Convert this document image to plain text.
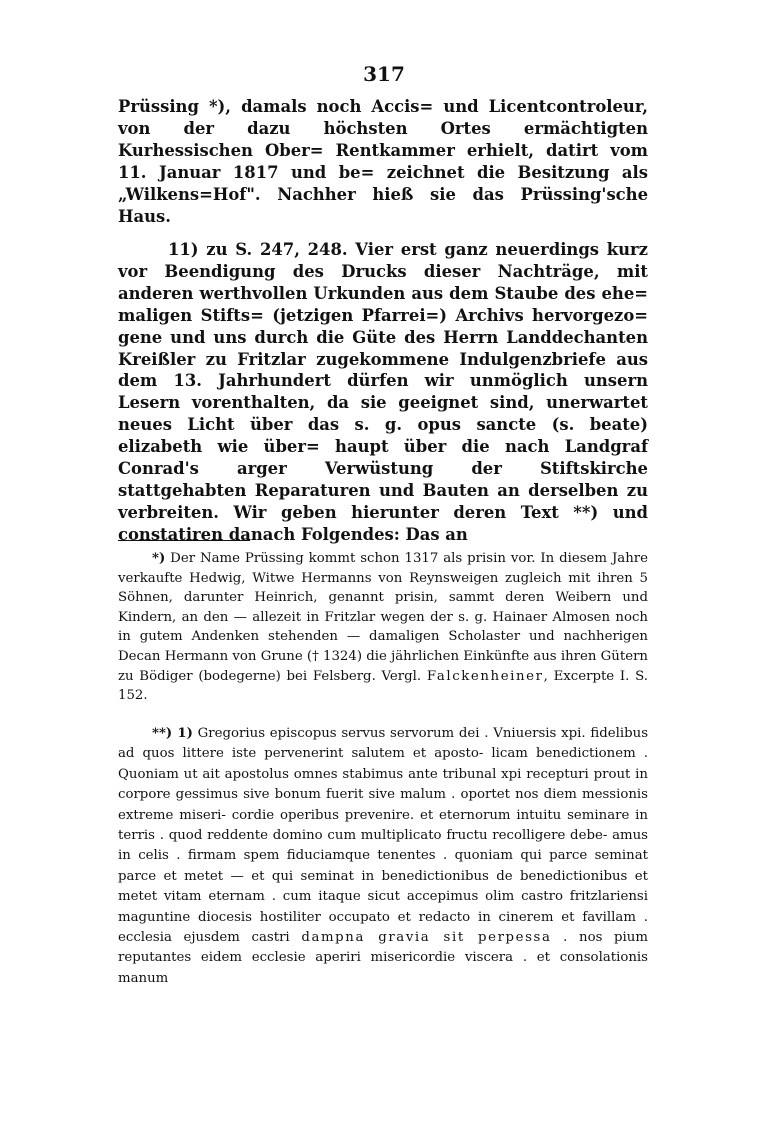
317
Prüssing *), damals noch Accis= und Licentcontroleur, von der dazu höchsten Ortes ermächtigten Kurhessischen Ober= Rentkammer erhielt, datirt vom 11. Januar 1817 und be= zeichnet die Besitzung als „Wilkens=Hof". Nachher hieß sie das Prüssing'sche Haus.
11) zu S. 247, 248. Vier erst ganz neuerdings kurz vor Beendigung des Drucks dieser Nachträge, mit anderen werthvollen Urkunden aus dem Staube des ehe= maligen Stifts= (jetzigen Pfarrei=) Archivs hervorgezo= gene und uns durch die Güte des Herrn Landdechanten Kreißler zu Fritzlar zugekommene Indulgenzbriefe aus dem 13. Jahrhundert dürfen wir unmöglich unsern Lesern vorenthalten, da sie geeignet sind, unerwartet neues Licht über das s. g. opus sancte (s. beate) elizabeth wie über= haupt über die nach Landgraf Conrad's arger Verwüstung der Stiftskirche stattgehabten Reparaturen und Bauten an derselben zu verbreiten. Wir geben hierunter deren Text **) und constatiren danach Folgendes: Das an
*) Der Name Prüssing kommt schon 1317 als prisin vor. In diesem Jahre verkaufte Hedwig, Witwe Hermanns von Reynsweigen zugleich mit ihren 5 Söhnen, darunter Heinrich, genannt prisin, sammt deren Weibern und Kindern, an den — allezeit in Fritzlar wegen der s. g. Hainaer Almosen noch in gutem Andenken stehenden — damaligen Scholaster und nachherigen Decan Hermann von Grune († 1324) die jährlichen Einkünfte aus ihren Gütern zu Bödiger (bodegerne) bei Felsberg. Vergl. Falckenheiner, Excerpte I. S. 152.
**) 1) Gregorius episcopus servus servorum dei . Vniuersis xpi. fidelibus ad quos littere iste pervenerint salutem et aposto- licam benedictionem . Quoniam ut ait apostolus omnes stabimus ante tribunal xpi recepturi prout in corpore gessimus sive bonum fuerit sive malum . oportet nos diem messionis extreme miseri- cordie operibus prevenire. et eternorum intuitu seminare in terris . quod reddente domino cum multiplicato fructu recolligere debe- amus in celis . firmam spem fiduciamque tenentes . quoniam qui parce seminat parce et metet — et qui seminat in benedictionibus de benedictionibus et metet vitam eternam . cum itaque sicut accepimus olim castro fritzlariensi maguntine diocesis hostiliter occupato et redacto in cinerem et favillam . ecclesia ejusdem castri dampna gravia sit perpessa . nos pium reputantes eidem ecclesie aperiri misericordie viscera . et consolationis manum
